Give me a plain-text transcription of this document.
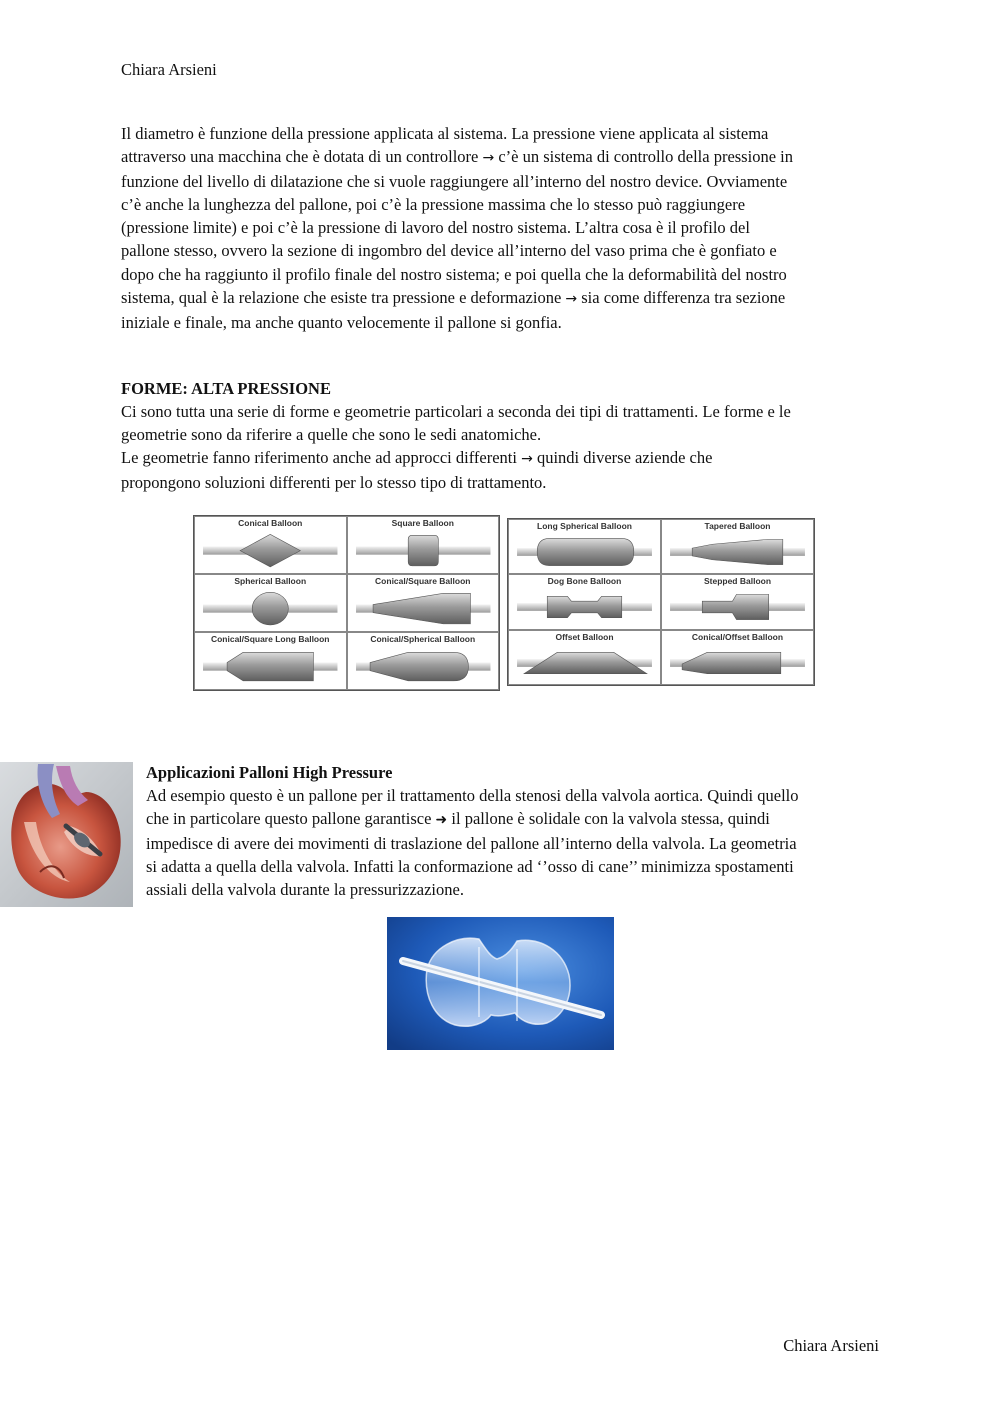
Chiara Arsieni
Il diametro è funzione della pressione applicata al sistema. La pressione viene applicata al sistema
attraverso una macchina che è dotata di un controllore → c’è un sistema di controllo della pressione in
funzione del livello di dilatazione che si vuole raggiungere all’interno del nostro device. Ovviamente
c’è anche la lunghezza del pallone, poi c’è la pressione massima che lo stesso può raggiungere
(pressione limite) e poi c’è la pressione di lavoro del nostro sistema. L’altra cosa è il profilo del
pallone stesso, ovvero la sezione di ingombro del device all’interno del vaso prima che è gonfiato e
dopo che ha raggiunto il profilo finale del nostro sistema; e poi quella che la deformabilità del nostro
sistema, qual è la relazione che esiste tra pressione e deformazione → sia come differenza tra sezione
iniziale e finale, ma anche quanto velocemente il pallone si gonfia.
FORME: ALTA PRESSIONE
Ci sono tutta una serie di forme e geometrie particolari a seconda dei tipi di trattamenti. Le forme e le
geometrie sono da riferire a quelle che sono le sedi anatomiche.
Le geometrie fanno riferimento anche ad approcci differenti → quindi diverse aziende che
propongono soluzioni differenti per lo stesso tipo di trattamento.
Conical Balloon	Square Balloon
Spherical Balloon	Conical/Square Balloon
Conical/Square Long Balloon	Conical/Spherical Balloon
Long Spherical Balloon	Tapered Balloon
Dog Bone Balloon	Stepped Balloon
Offset Balloon	Conical/Offset Balloon
Applicazioni Palloni High Pressure
Ad esempio questo è un pallone per il trattamento della stenosi della valvola aortica. Quindi quello
che in particolare questo pallone garantisce ➜ il pallone è solidale con la valvola stessa, quindi
impedisce di avere dei movimenti di traslazione del pallone all’interno della valvola. La geometria
si adatta a quella della valvola. Infatti la conformazione ad ‘’osso di cane’’ minimizza spostamenti
assiali della valvola durante la pressurizzazione.
Chiara Arsieni
